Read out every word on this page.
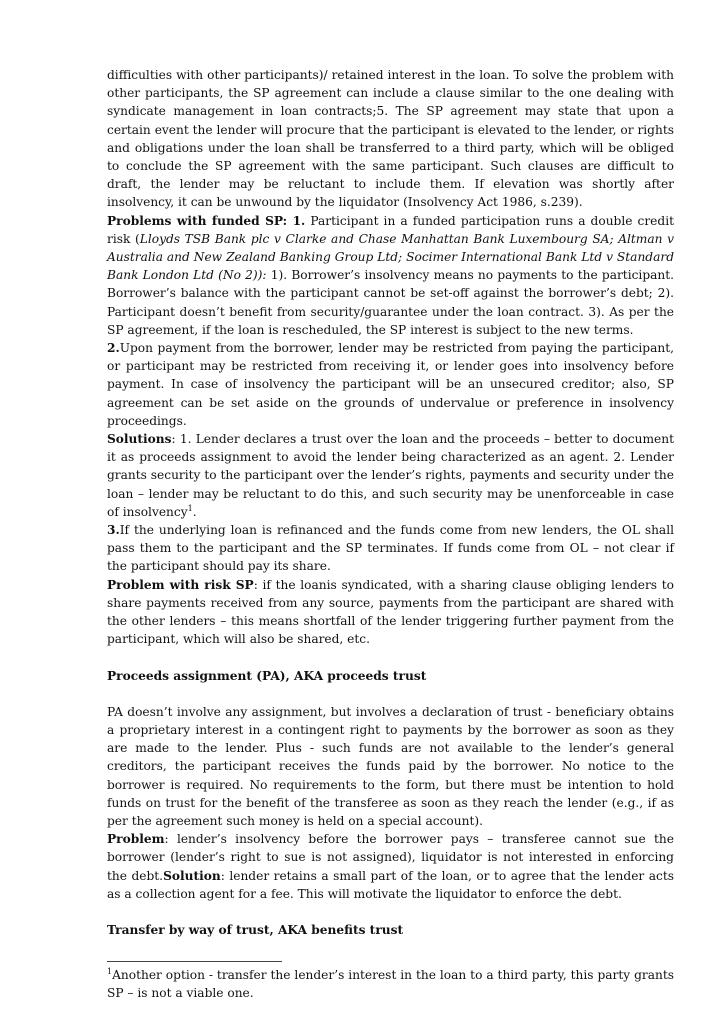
difficulties with other participants)/ retained interest in the loan. To solve the problem with other participants, the SP agreement can include a clause similar to the one dealing with syndicate management in loan contracts;5. The SP agreement may state that upon a certain event the lender will procure that the participant is elevated to the lender, or rights and obligations under the loan shall be transferred to a third party, which will be obliged to conclude the SP agreement with the same participant. Such clauses are difficult to draft, the lender may be reluctant to include them. If elevation was shortly after insolvency, it can be unwound by the liquidator (Insolvency Act 1986, s.239).

Problems with funded SP: 1. Participant in a funded participation runs a double credit risk (Lloyds TSB Bank plc v Clarke and Chase Manhattan Bank Luxembourg SA; Altman v Australia and New Zealand Banking Group Ltd; Socimer International Bank Ltd v Standard Bank London Ltd (No 2)): 1). Borrower’s insolvency means no payments to the participant. Borrower’s balance with the participant cannot be set-off against the borrower’s debt; 2). Participant doesn’t benefit from security/guarantee under the loan contract. 3). As per the SP agreement, if the loan is rescheduled, the SP interest is subject to the new terms.

2.Upon payment from the borrower, lender may be restricted from paying the participant, or participant may be restricted from receiving it, or lender goes into insolvency before payment. In case of insolvency the participant will be an unsecured creditor; also, SP agreement can be set aside on the grounds of undervalue or preference in insolvency proceedings.

Solutions: 1. Lender declares a trust over the loan and the proceeds – better to document it as proceeds assignment to avoid the lender being characterized as an agent. 2. Lender grants security to the participant over the lender’s rights, payments and security under the loan – lender may be reluctant to do this, and such security may be unenforceable in case of insolvency$^1$.

3.If the underlying loan is refinanced and the funds come from new lenders, the OL shall pass them to the participant and the SP terminates. If funds come from OL – not clear if the participant should pay its share.

Problem with risk SP: if the loanis syndicated, with a sharing clause obliging lenders to share payments received from any source, payments from the participant are shared with the other lenders – this means shortfall of the lender triggering further payment from the participant, which will also be shared, etc.

Proceeds assignment (PA), AKA proceeds trust

PA doesn’t involve any assignment, but involves a declaration of trust - beneficiary obtains a proprietary interest in a contingent right to payments by the borrower as soon as they are made to the lender. Plus - such funds are not available to the lender’s general creditors, the participant receives the funds paid by the borrower. No notice to the borrower is required. No requirements to the form, but there must be intention to hold funds on trust for the benefit of the transferee as soon as they reach the lender (e.g., if as per the agreement such money is held on a special account).

Problem: lender’s insolvency before the borrower pays – transferee cannot sue the borrower (lender’s right to sue is not assigned), liquidator is not interested in enforcing the debt.Solution: lender retains a small part of the loan, or to agree that the lender acts as a collection agent for a fee. This will motivate the liquidator to enforce the debt.

Transfer by way of trust, AKA benefits trust

$^1$Another option - transfer the lender’s interest in the loan to a third party, this party grants SP – is not a viable one.
